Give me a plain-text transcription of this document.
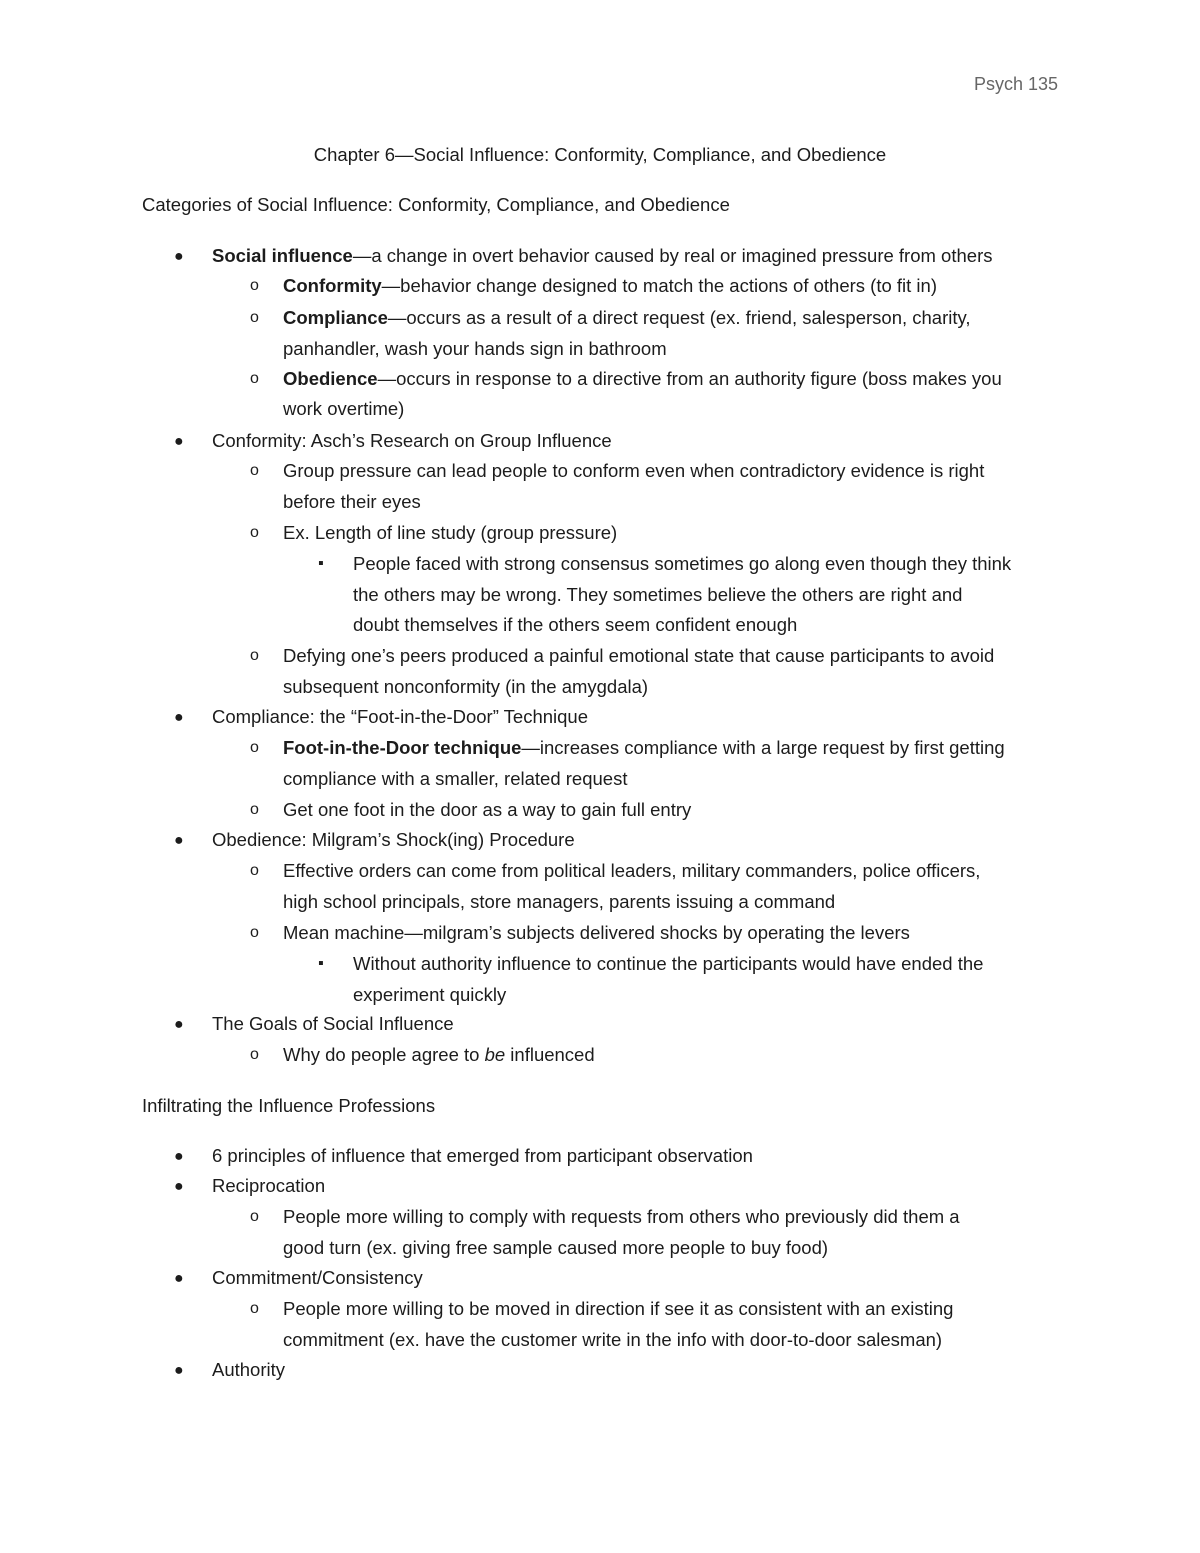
Psych 135
Chapter 6—Social Influence: Conformity, Compliance, and Obedience
Categories of Social Influence: Conformity, Compliance, and Obedience
● Social influence—a change in overt behavior caused by real or imagined pressure from others
o Conformity—behavior change designed to match the actions of others (to fit in)
o Compliance—occurs as a result of a direct request (ex. friend, salesperson, charity,
panhandler, wash your hands sign in bathroom
o Obedience—occurs in response to a directive from an authority figure (boss makes you
work overtime)
● Conformity: Asch’s Research on Group Influence
o Group pressure can lead people to conform even when contradictory evidence is right
before their eyes
o Ex. Length of line study (group pressure)
▪ People faced with strong consensus sometimes go along even though they think
the others may be wrong. They sometimes believe the others are right and
doubt themselves if the others seem confident enough
o Defying one’s peers produced a painful emotional state that cause participants to avoid
subsequent nonconformity (in the amygdala)
● Compliance: the “Foot-in-the-Door” Technique
o Foot-in-the-Door technique—increases compliance with a large request by first getting
compliance with a smaller, related request
o Get one foot in the door as a way to gain full entry
● Obedience: Milgram’s Shock(ing) Procedure
o Effective orders can come from political leaders, military commanders, police officers,
high school principals, store managers, parents issuing a command
o Mean machine—milgram’s subjects delivered shocks by operating the levers
▪ Without authority influence to continue the participants would have ended the
experiment quickly
● The Goals of Social Influence
o Why do people agree to be influenced
Infiltrating the Influence Professions
● 6 principles of influence that emerged from participant observation
● Reciprocation
o People more willing to comply with requests from others who previously did them a
good turn (ex. giving free sample caused more people to buy food)
● Commitment/Consistency
o People more willing to be moved in direction if see it as consistent with an existing
commitment (ex. have the customer write in the info with door-to-door salesman)
● Authority
